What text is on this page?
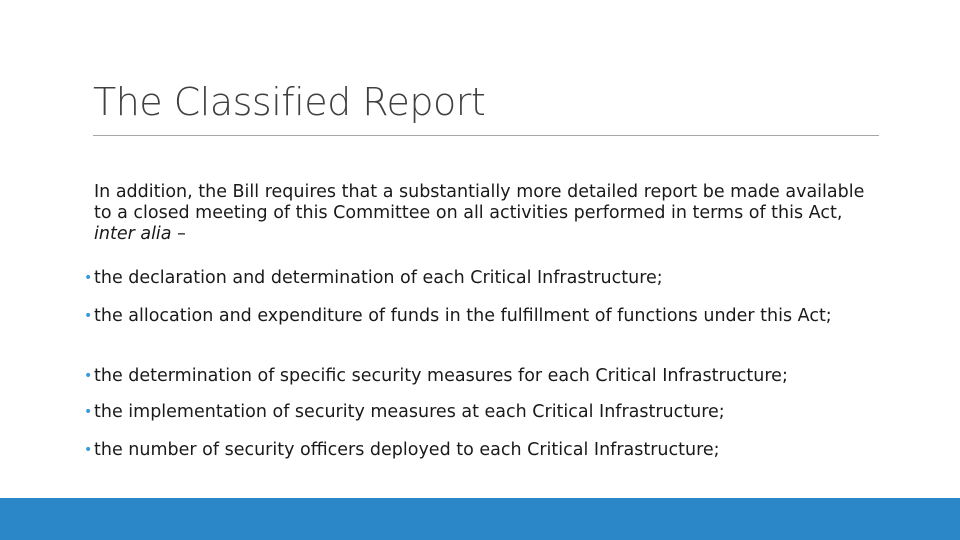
The Classified Report
In addition, the Bill requires that a substantially more detailed report be made available to a closed meeting of this Committee on all activities performed in terms of this Act, inter alia –
• the declaration and determination of each Critical Infrastructure;
• the allocation and expenditure of funds in the fulfillment of functions under this Act;
• the determination of specific security measures for each Critical Infrastructure;
• the implementation of security measures at each Critical Infrastructure;
• the number of security officers deployed to each Critical Infrastructure;
